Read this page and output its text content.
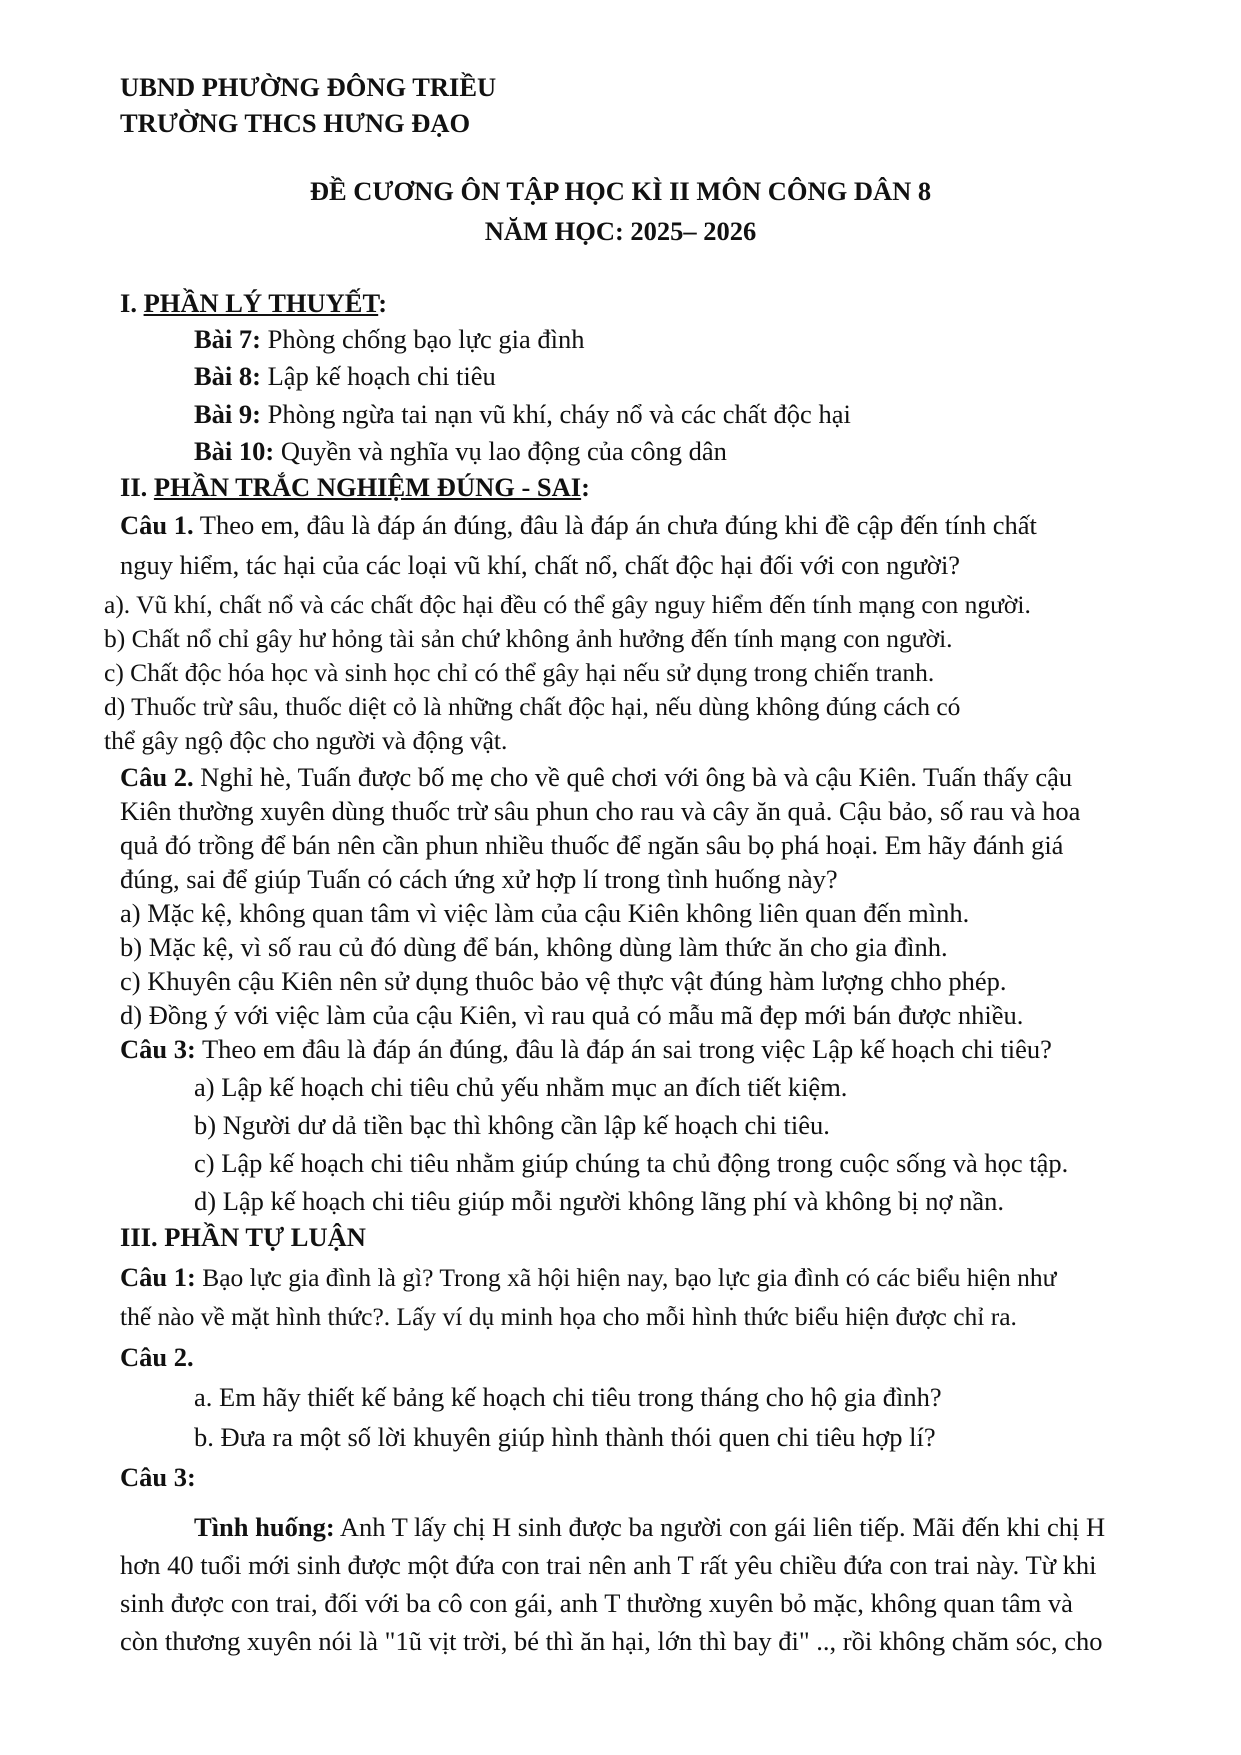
UBND PHƯỜNG ĐÔNG TRIỀU
TRƯỜNG THCS HƯNG ĐẠO
ĐỀ CƯƠNG ÔN TẬP HỌC KÌ II MÔN CÔNG DÂN 8
NĂM HỌC: 2025– 2026
I. PHẦN LÝ THUYẾT:
Bài 7: Phòng chống bạo lực gia đình
Bài 8: Lập kế hoạch chi tiêu
Bài 9: Phòng ngừa tai nạn vũ khí, cháy nổ và các chất độc hại
Bài 10: Quyền và nghĩa vụ lao động của công dân
II. PHẦN TRẮC NGHIỆM ĐÚNG - SAI:
Câu 1. Theo em, đâu là đáp án đúng, đâu là đáp án chưa đúng khi đề cập đến tính chất
nguy hiểm, tác hại của các loại vũ khí, chất nổ, chất độc hại đối với con người?
a). Vũ khí, chất nổ và các chất độc hại đều có thể gây nguy hiểm đến tính mạng con người.
b) Chất nổ chỉ gây hư hỏng tài sản chứ không ảnh hưởng đến tính mạng con người.
c) Chất độc hóa học và sinh học chỉ có thể gây hại nếu sử dụng trong chiến tranh.
d) Thuốc trừ sâu, thuốc diệt cỏ là những chất độc hại, nếu dùng không đúng cách có
thể gây ngộ độc cho người và động vật.
Câu 2. Nghỉ hè, Tuấn được bố mẹ cho về quê chơi với ông bà và cậu Kiên. Tuấn thấy cậu
Kiên thường xuyên dùng thuốc trừ sâu phun cho rau và cây ăn quả. Cậu bảo, số rau và hoa
quả đó trồng để bán nên cần phun nhiều thuốc để ngăn sâu bọ phá hoại. Em hãy đánh giá
đúng, sai để giúp Tuấn có cách ứng xử hợp lí trong tình huống này?
a) Mặc kệ, không quan tâm vì việc làm của cậu Kiên không liên quan đến mình.
b) Mặc kệ, vì số rau củ đó dùng để bán, không dùng làm thức ăn cho gia đình.
c) Khuyên cậu Kiên nên sử dụng thuôc bảo vệ thực vật đúng hàm lượng chho phép.
d) Đồng ý với việc làm của cậu Kiên, vì rau quả có mẫu mã đẹp mới bán được nhiều.
Câu 3: Theo em đâu là đáp án đúng, đâu là đáp án sai trong việc Lập kế hoạch chi tiêu?
a) Lập kế hoạch chi tiêu chủ yếu nhằm mục an đích tiết kiệm.
b) Người dư dả tiền bạc thì không cần lập kế hoạch chi tiêu.
c) Lập kế hoạch chi tiêu nhằm giúp chúng ta chủ động trong cuộc sống và học tập.
d) Lập kế hoạch chi tiêu giúp mỗi người không lãng phí và không bị nợ nần.
III. PHẦN TỰ LUẬN
Câu 1: Bạo lực gia đình là gì? Trong xã hội hiện nay, bạo lực gia đình có các biểu hiện như
thế nào về mặt hình thức?. Lấy ví dụ minh họa cho mỗi hình thức biểu hiện được chỉ ra.
Câu 2.
a. Em hãy thiết kế bảng kế hoạch chi tiêu trong tháng cho hộ gia đình?
b. Đưa ra một số lời khuyên giúp hình thành thói quen chi tiêu hợp lí?
Câu 3:
Tình huống: Anh T lấy chị H sinh được ba người con gái liên tiếp. Mãi đến khi chị H
hơn 40 tuổi mới sinh được một đứa con trai nên anh T rất yêu chiều đứa con trai này. Từ khi
sinh được con trai, đối với ba cô con gái, anh T thường xuyên bỏ mặc, không quan tâm và
còn thương xuyên nói là "1ũ vịt trời, bé thì ăn hại, lớn thì bay đi" .., rồi không chăm sóc, cho
